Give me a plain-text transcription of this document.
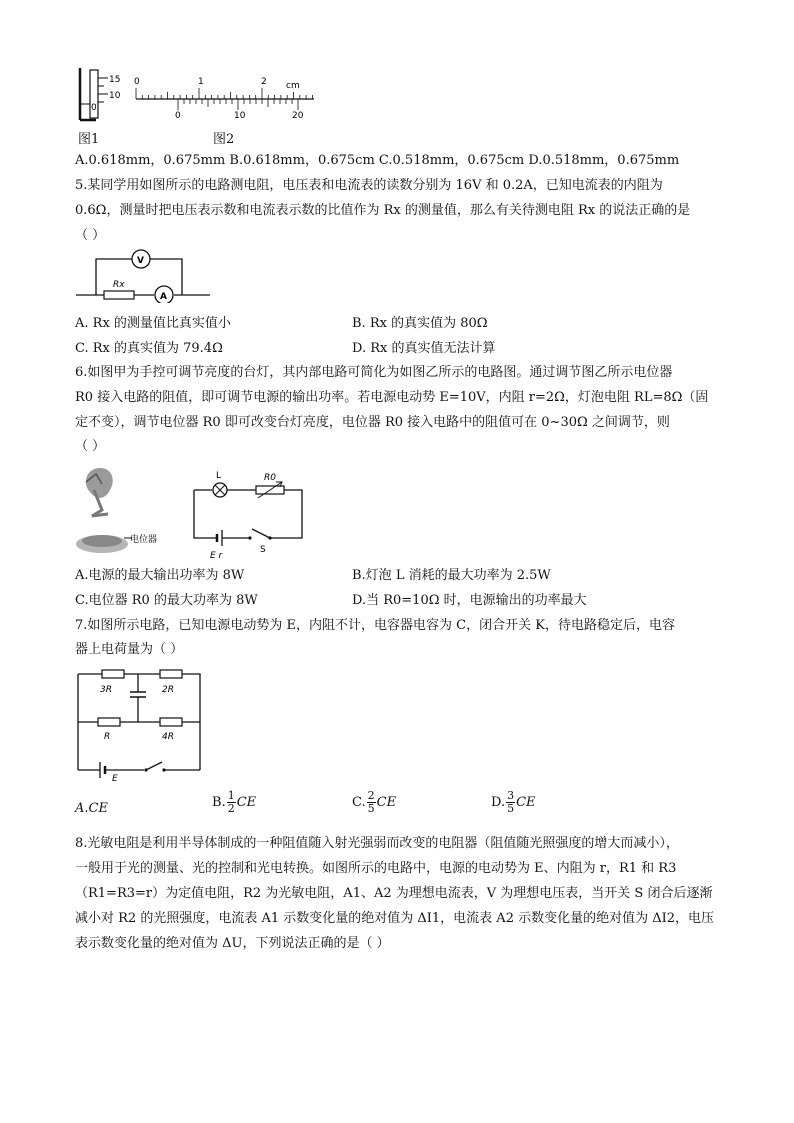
15
10
0
0	1	2 cm
0	10	20
图1	图2
A.0.618mm，0.675mm B.0.618mm，0.675cm C.0.518mm，0.675cm D.0.518mm，0.675mm
5.某同学用如图所示的电路测电阻，电压表和电流表的读数分别为 16V 和 0.2A，已知电流表的内阻为
0.6Ω，测量时把电压表示数和电流表示数的比值作为 Rx 的测量值，那么有关待测电阻 Rx 的说法正确的是
（ ）
Rx
A
V
A. Rx 的测量值比真实值小	B. Rx 的真实值为 80Ω
C. Rx 的真实值为 79.4Ω	D. Rx 的真实值无法计算
6.如图甲为手控可调节亮度的台灯，其内部电路可简化为如图乙所示的电路图。通过调节图乙所示电位器
R0 接入电路的阻值，即可调节电源的输出功率。若电源电动势 E=10V，内阻 r=2Ω，灯泡电阻 RL=8Ω（固
定不变），调节电位器 R0 即可改变台灯亮度，电位器 R0 接入电路中的阻值可在 0~30Ω 之间调节，则
（ ）
电位器
L	R0
S
E r
A.电源的最大输出功率为 8W	B.灯泡 L 消耗的最大功率为 2.5W
C.电位器 R0 的最大功率为 8W	D.当 R0=10Ω 时，电源输出的功率最大
7.如图所示电路，已知电源电动势为 E，内阻不计，电容器电容为 C，闭合开关 K，待电路稳定后，电容
器上电荷量为（ ）
3R	2R
R	4R
E
A.CE	B. $\frac{1}{2}$ CE	C. $\frac{2}{5}$ CE	D. $\frac{3}{5}$ CE
8.光敏电阻是利用半导体制成的一种阻值随入射光强弱而改变的电阻器（阻值随光照强度的增大而减小），
一般用于光的测量、光的控制和光电转换。如图所示的电路中，电源的电动势为 E、内阻为 r，R1 和 R3
（R1=R3=r）为定值电阻，R2 为光敏电阻，A1、A2 为理想电流表，V 为理想电压表，当开关 S 闭合后逐渐
减小对 R2 的光照强度，电流表 A1 示数变化量的绝对值为 ΔI1，电流表 A2 示数变化量的绝对值为 ΔI2，电压
表示数变化量的绝对值为 ΔU，下列说法正确的是（ ）
